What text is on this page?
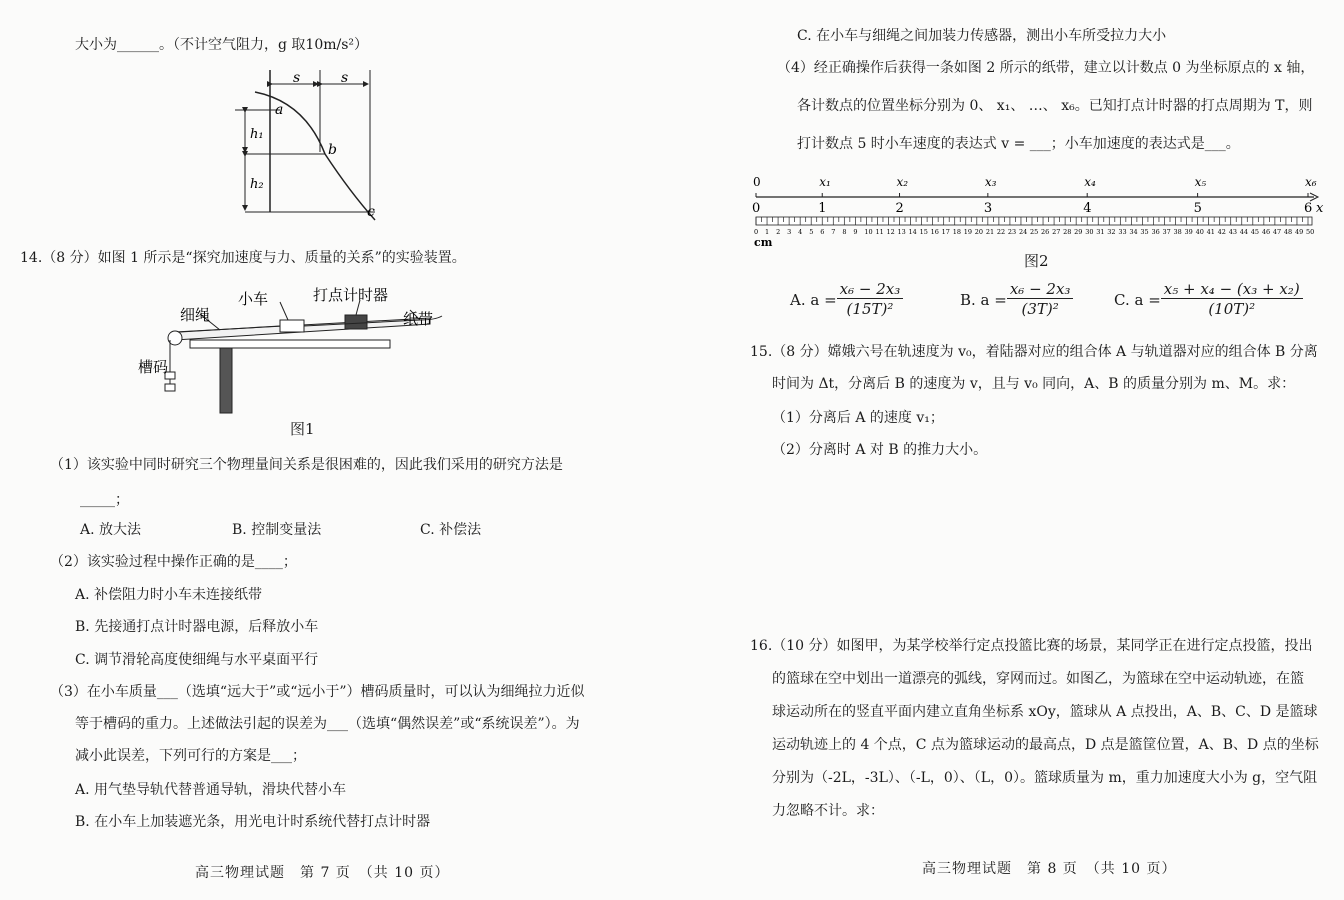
大小为______。（不计空气阻力，g 取10m/s²）
s	s
h₁
h₂
a
b
c
14.（8 分）如图 1 所示是“探究加速度与力、质量的关系”的实验装置。
小车	打点计时器
细绳	纸带
槽码
图1
（1）该实验中同时研究三个物理量间关系是很困难的，因此我们采用的研究方法是
_____；
A. 放大法	B. 控制变量法	C. 补偿法
（2）该实验过程中操作正确的是____；
A. 补偿阻力时小车未连接纸带
B. 先接通打点计时器电源，后释放小车
C. 调节滑轮高度使细绳与水平桌面平行
（3）在小车质量___（选填“远大于”或“远小于”）槽码质量时，可以认为细绳拉力近似
等于槽码的重力。上述做法引起的误差为___（选填“偶然误差”或“系统误差”）。为
减小此误差，下列可行的方案是___；
A. 用气垫导轨代替普通导轨，滑块代替小车
B. 在小车上加装遮光条，用光电计时系统代替打点计时器
高三物理试题　第 7 页　（共 10 页）
C. 在小车与细绳之间加装力传感器，测出小车所受拉力大小
（4）经正确操作后获得一条如图 2 所示的纸带，建立以计数点 0 为坐标原点的 x 轴，
各计数点的位置坐标分别为 0、 x₁、 …、 x₆。已知打点计时器的打点周期为 T，则
打计数点 5 时小车速度的表达式 v = ___；小车加速度的表达式是___。
0	x₁	x₂	x₃	x₄	x₅	x₆
0	1	2	3	4	5	6
0 1 2 3 4 5 6 7 8 9 10 11 12 13 14 15 16 17 18 19 20 21 22 23 24 25 26 27 28 29 30 31 32 33 34 35 36 37 38 39 40 41 42 43 44 45 46 47 48 49 50
x
cm
图2
A. $a = \frac{\text{x₆ − 2x₃}}{\text{(15T)²}}$	B. $a = \frac{\text{x₆ − 2x₃}}{\text{(3T)²}}$	C. $a = \frac{\text{x₅ + x₄ − (x₃ + x₂)}}{\text{(10T)²}}$
15.（8 分）嫦娥六号在轨速度为 v₀，着陆器对应的组合体 A 与轨道器对应的组合体 B 分离
时间为 Δt，分离后 B 的速度为 v，且与 v₀ 同向，A、B 的质量分别为 m、M。求：
（1）分离后 A 的速度 v₁；
（2）分离时 A 对 B 的推力大小。
16.（10 分）如图甲，为某学校举行定点投篮比赛的场景，某同学正在进行定点投篮，投出
的篮球在空中划出一道漂亮的弧线，穿网而过。如图乙，为篮球在空中运动轨迹，在篮
球运动所在的竖直平面内建立直角坐标系 xOy，篮球从 A 点投出，A、B、C、D 是篮球
运动轨迹上的 4 个点，C 点为篮球运动的最高点，D 点是篮筐位置，A、B、D 点的坐标
分别为（-2L，-3L）、（-L，0）、（L，0）。篮球质量为 m，重力加速度大小为 g，空气阻
力忽略不计。求：
高三物理试题　第 8 页　（共 10 页）
